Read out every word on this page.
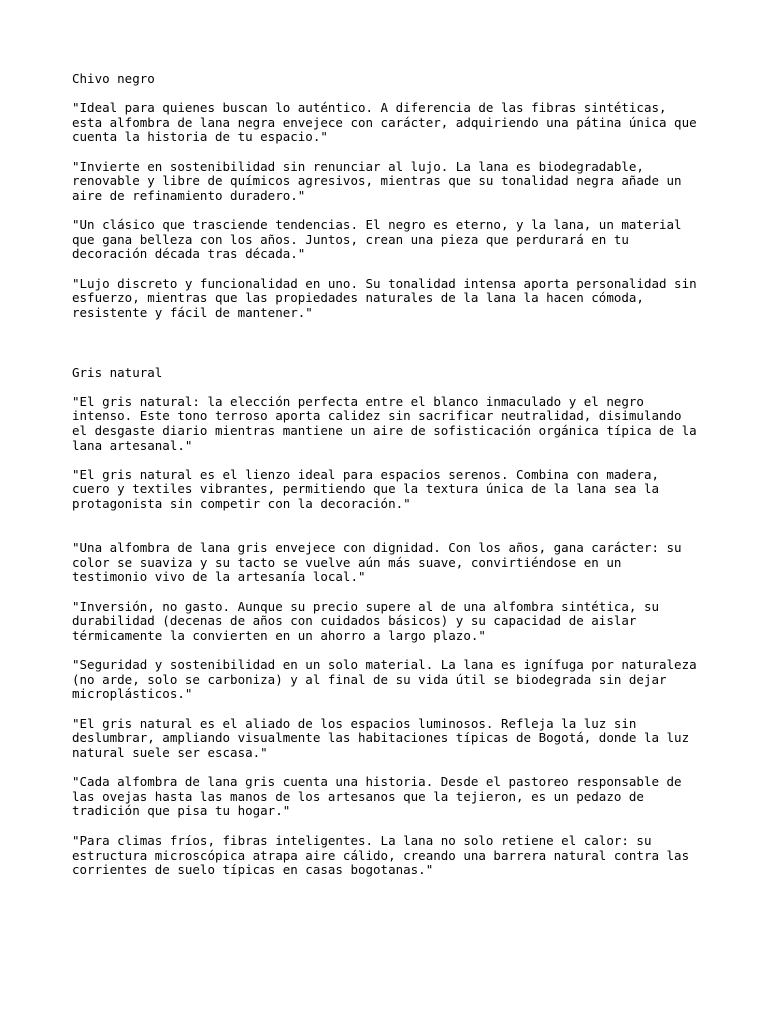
Chivo negro
"Ideal para quienes buscan lo auténtico. A diferencia de las fibras sintéticas,
esta alfombra de lana negra envejece con carácter, adquiriendo una pátina única que
cuenta la historia de tu espacio."
"Invierte en sostenibilidad sin renunciar al lujo. La lana es biodegradable,
renovable y libre de químicos agresivos, mientras que su tonalidad negra añade un
aire de refinamiento duradero."
"Un clásico que trasciende tendencias. El negro es eterno, y la lana, un material
que gana belleza con los años. Juntos, crean una pieza que perdurará en tu
decoración década tras década."
"Lujo discreto y funcionalidad en uno. Su tonalidad intensa aporta personalidad sin
esfuerzo, mientras que las propiedades naturales de la lana la hacen cómoda,
resistente y fácil de mantener."
Gris natural
"El gris natural: la elección perfecta entre el blanco inmaculado y el negro
intenso. Este tono terroso aporta calidez sin sacrificar neutralidad, disimulando
el desgaste diario mientras mantiene un aire de sofisticación orgánica típica de la
lana artesanal."
"El gris natural es el lienzo ideal para espacios serenos. Combina con madera,
cuero y textiles vibrantes, permitiendo que la textura única de la lana sea la
protagonista sin competir con la decoración."
"Una alfombra de lana gris envejece con dignidad. Con los años, gana carácter: su
color se suaviza y su tacto se vuelve aún más suave, convirtiéndose en un
testimonio vivo de la artesanía local."
"Inversión, no gasto. Aunque su precio supere al de una alfombra sintética, su
durabilidad (decenas de años con cuidados básicos) y su capacidad de aislar
térmicamente la convierten en un ahorro a largo plazo."
"Seguridad y sostenibilidad en un solo material. La lana es ignífuga por naturaleza
(no arde, solo se carboniza) y al final de su vida útil se biodegrada sin dejar
microplásticos."
"El gris natural es el aliado de los espacios luminosos. Refleja la luz sin
deslumbrar, ampliando visualmente las habitaciones típicas de Bogotá, donde la luz
natural suele ser escasa."
"Cada alfombra de lana gris cuenta una historia. Desde el pastoreo responsable de
las ovejas hasta las manos de los artesanos que la tejieron, es un pedazo de
tradición que pisa tu hogar."
"Para climas fríos, fibras inteligentes. La lana no solo retiene el calor: su
estructura microscópica atrapa aire cálido, creando una barrera natural contra las
corrientes de suelo típicas en casas bogotanas."
